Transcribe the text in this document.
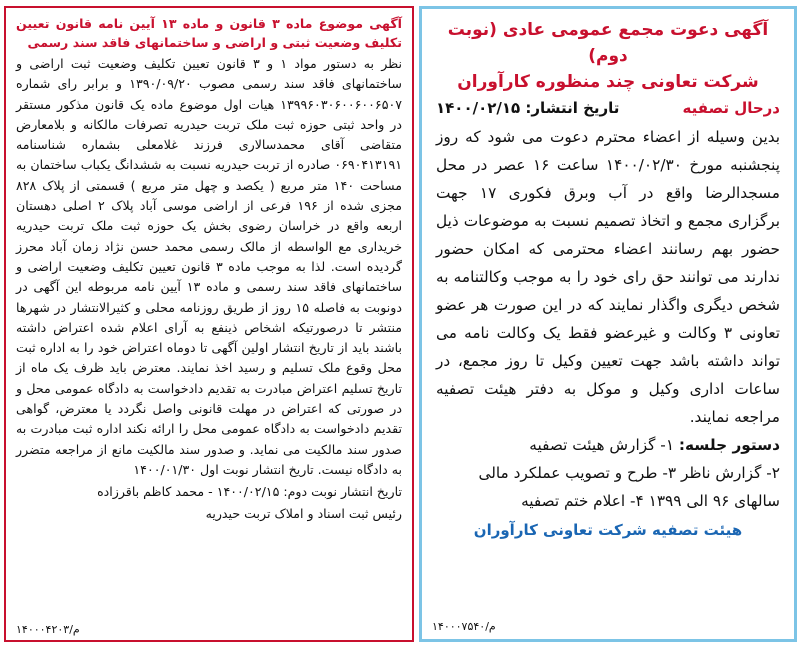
آگهی دعوت مجمع عمومی عادی (نوبت دوم)

شرکت تعاونی چند منظوره کارآوران

درحال تصفیه
تاریخ انتشار: ۱۴۰۰/۰۲/۱۵

بدین وسیله از اعضاء محترم دعوت می شود که روز پنجشنبه مورخ ۱۴۰۰/۰۲/۳۰ ساعت ۱۶ عصر در محل مسجدالرضا واقع در آب وبرق فکوری ۱۷ جهت برگزاری مجمع و اتخاذ تصمیم نسبت به موضوعات ذیل حضور بهم رسانند اعضاء محترمی که امکان حضور ندارند می توانند حق رای خود را به موجب وکالتنامه به شخص دیگری واگذار نمایند که در این صورت هر عضو تعاونی ۳ وکالت و غیرعضو فقط یک وکالت نامه می تواند داشته باشد جهت تعیین وکیل تا روز مجمع، در ساعات اداری وکیل و موکل به دفتر هیئت تصفیه مراجعه نمایند.

دستور جلسه: ۱- گزارش هیئت تصفیه

۲- گزارش ناظر ۳- طرح و تصویب عملکرد مالی سالهای ۹۶ الی ۱۳۹۹ ۴- اعلام ختم تصفیه

هیئت تصفیه شرکت تعاونی کارآوران
م/۱۴۰۰۰۷۵۴۰

آگهی موضوع ماده ۳ قانون و ماده ۱۳ آیین نامه قانون تعیین تکلیف وضعیت ثبتی و اراضی و ساختمانهای فاقد سند رسمی

نظر به دستور مواد ۱ و ۳ قانون تعیین تکلیف وضعیت ثبت اراضی و ساختمانهای فاقد سند رسمی مصوب ۱۳۹۰/۰۹/۲۰ و برابر رای شماره ۱۳۹۹۶۰۳۰۶۰۰۶۰۰۶۵۰۷ هیات اول موضوع ماده یک قانون مذکور مستقر در واحد ثبتی حوزه ثبت ملک تربت حیدریه تصرفات مالکانه و بلامعارض متقاضی آقای محمدسالاری فرزند غلامعلی بشماره شناسنامه ۰۶۹۰۴۱۳۱۹۱ صادره از تربت حیدریه نسبت به ششدانگ یکباب ساختمان به مساحت ۱۴۰ متر مربع ( یکصد و چهل متر مربع ) قسمتی از پلاک ۸۲۸ مجزی شده از ۱۹۶ فرعی از اراضی موسی آباد پلاک ۲ اصلی دهستان اربعه واقع در خراسان رضوی بخش یک حوزه ثبت ملک تربت حیدریه خریداری مع الواسطه از مالک رسمی محمد حسن نژاد زمان آباد محرز گردیده است. لذا به موجب ماده ۳ قانون تعیین تکلیف وضعیت اراضی و ساختمانهای فاقد سند رسمی و ماده ۱۳ آیین نامه مربوطه این آگهی در دونوبت به فاصله ۱۵ روز از طریق روزنامه محلی و کثیرالانتشار در شهرها منتشر تا درصورتیکه اشخاص ذینفع به آرای اعلام شده اعتراض داشته باشند باید از تاریخ انتشار اولین آگهی تا دوماه اعتراض خود را به اداره ثبت محل وقوع ملک تسلیم و رسید اخذ نمایند. معترض باید ظرف یک ماه از تاریخ تسلیم اعتراض مبادرت به تقدیم دادخواست به دادگاه عمومی محل و در صورتی که اعتراض در مهلت قانونی واصل نگردد یا معترض، گواهی تقدیم دادخواست به دادگاه عمومی محل را ارائه نکند اداره ثبت مبادرت به صدور سند مالکیت می نماید. و صدور سند مالکیت مانع از مراجعه متضرر به دادگاه نیست. تاریخ انتشار نوبت اول ۱۴۰۰/۰۱/۳۰
تاریخ انتشار نوبت دوم: ۱۴۰۰/۰۲/۱۵ - محمد کاظم باقرزاده
رئیس ثبت اسناد و املاک تربت حیدریه
م/۱۴۰۰۰۴۲۰۳
